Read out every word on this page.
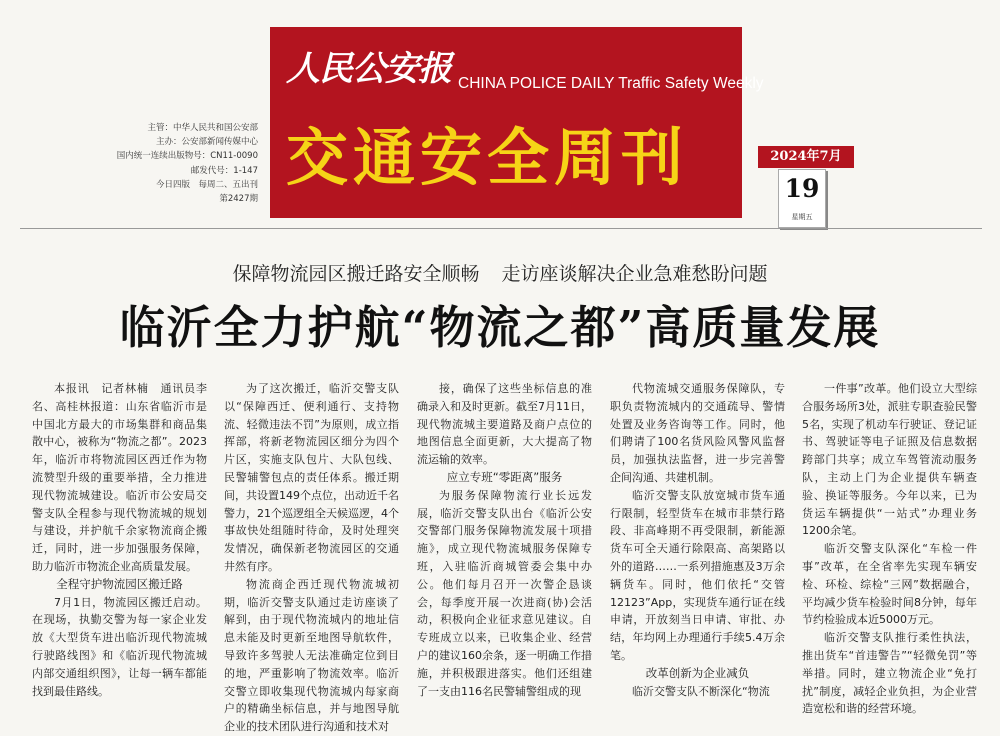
主管：中华人民共和国公安部
主办：公安部新闻传媒中心
国内统一连续出版物号：CN11-0090
邮发代号：1-147
今日四版　每周二、五出刊
第2427期
人民公安报 CHINA POLICE DAILY Traffic Safety Weekly
交通安全周刊	2024年7月
19
星期五
保障物流园区搬迁路安全顺畅 走访座谈解决企业急难愁盼问题
临沂全力护航“物流之都”高质量发展

本报讯　记者林楠　通讯员李名、高桂林报道：山东省临沂市是中国北方最大的市场集群和商品集散中心，被称为“物流之都”。2023年，临沂市将物流园区西迁作为物流赞型升级的重要举措，全力推进现代物流城建设。临沂市公安局交警支队全程参与现代物流城的规划与建设，并护航千余家物流商企搬迁，同时，进一步加强服务保障，助力临沂市物流企业高质量发展。

全程守护物流园区搬迁路

7月1日，物流园区搬迁启动。在现场，执勤交警为每一家企业发放《大型货车进出临沂现代物流城行驶路线图》和《临沂现代物流城内部交通组织图》，让每一辆车都能找到最佳路线。

为了这次搬迁，临沂交警支队以“保障西迁、便利通行、支持物流、轻微违法不罚”为原则，成立指挥部，将新老物流园区细分为四个片区，实施支队包片、大队包线、民警辅警包点的责任体系。搬迁期间，共设置149个点位，出动近千名警力，21个巡逻组全天候巡逻，4个事故快处组随时待命，及时处理突发情况，确保新老物流园区的交通井然有序。

物流商企西迁现代物流城初期，临沂交警支队通过走访座谈了解到，由于现代物流城内的地址信息未能及时更新至地图导航软件，导致许多驾驶人无法准确定位到目的地，严重影响了物流效率。临沂交警立即收集现代物流城内每家商户的精确坐标信息，并与地图导航企业的技术团队进行沟通和技术对

接，确保了这些坐标信息的准确录入和及时更新。截至7月11日，现代物流城主要道路及商户点位的地图信息全面更新，大大提高了物流运输的效率。

应立专班“零距离”服务

为服务保障物流行业长远发展，临沂交警支队出台《临沂公安交警部门服务保障物流发展十项措施》，成立现代物流城服务保障专班，入驻临沂商城管委会集中办公。他们每月召开一次警企恳谈会，每季度开展一次进商(协)会活动，积极向企业征求意见建议。自专班成立以来，已收集企业、经营户的建议160余条，逐一明确工作措施，并积极跟进落实。他们还组建了一支由116名民警辅警组成的现

代物流城交通服务保障队，专职负责物流城内的交通疏导、警情处置及业务咨询等工作。同时，他们聘请了100名货风险风警风监督员，加强执法监督，进一步完善警企间沟通、共建机制。

临沂交警支队放宽城市货车通行限制，轻型货车在城市非禁行路段、非高峰期不再受限制，新能源货车可全天通行除限高、高架路以外的道路……一系列措施惠及3万余辆货车。同时，他们依托“交管12123”App，实现货车通行证在线申请，开放刻当日申请、审批、办结，年均网上办理通行手续5.4万余笔。

改革创新为企业减负

临沂交警支队不断深化“物流

一件事”改革。他们设立大型综合服务场所3处，派驻专职查验民警5名，实现了机动车行驶证、登记证书、驾驶证等电子证照及信息数据跨部门共享；成立车驾管流动服务队，主动上门为企业提供车辆查验、换证等服务。今年以来，已为货运车辆提供“一站式”办理业务1200余笔。

临沂交警支队深化“车检一件事”改革，在全省率先实现车辆安检、环检、综检“三网”数据融合，平均减少货车检验时间8分钟，每年节约检验成本近5000万元。

临沂交警支队推行柔性执法，推出货车“首违警告”“轻微免罚”等举措。同时，建立物流企业“免打扰”制度，减轻企业负担，为企业营造宽松和谐的经营环境。
